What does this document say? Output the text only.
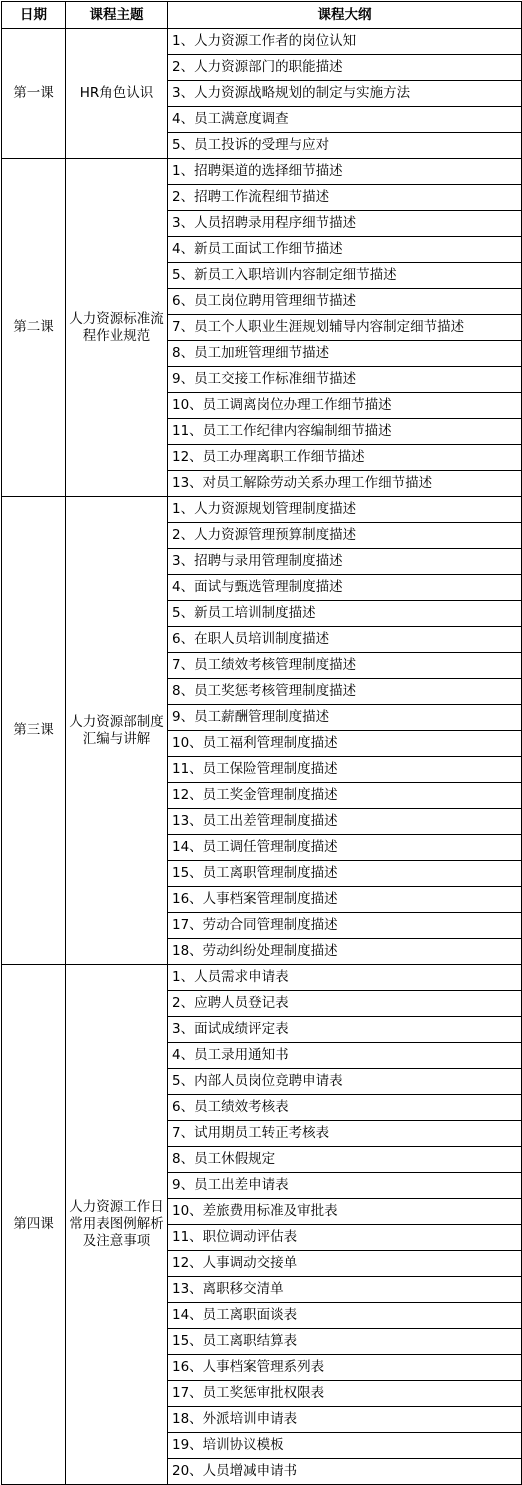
日期	课程主题	课程大纲
第一课	HR角色认识	1、人力资源工作者的岗位认知
		2、人力资源部门的职能描述
		3、人力资源战略规划的制定与实施方法
		4、员工满意度调查
		5、员工投诉的受理与应对
第二课	人力资源标准流程作业规范	1、招聘渠道的选择细节描述
		2、招聘工作流程细节描述
		3、人员招聘录用程序细节描述
		4、新员工面试工作细节描述
		5、新员工入职培训内容制定细节描述
		6、员工岗位聘用管理细节描述
		7、员工个人职业生涯规划辅导内容制定细节描述
		8、员工加班管理细节描述
		9、员工交接工作标准细节描述
		10、员工调离岗位办理工作细节描述
		11、员工工作纪律内容编制细节描述
		12、员工办理离职工作细节描述
		13、对员工解除劳动关系办理工作细节描述
第三课	人力资源部制度汇编与讲解	1、人力资源规划管理制度描述
		2、人力资源管理预算制度描述
		3、招聘与录用管理制度描述
		4、面试与甄选管理制度描述
		5、新员工培训制度描述
		6、在职人员培训制度描述
		7、员工绩效考核管理制度描述
		8、员工奖惩考核管理制度描述
		9、员工薪酬管理制度描述
		10、员工福利管理制度描述
		11、员工保险管理制度描述
		12、员工奖金管理制度描述
		13、员工出差管理制度描述
		14、员工调任管理制度描述
		15、员工离职管理制度描述
		16、人事档案管理制度描述
		17、劳动合同管理制度描述
		18、劳动纠纷处理制度描述
第四课	人力资源工作日常用表图例解析及注意事项	1、人员需求申请表
		2、应聘人员登记表
		3、面试成绩评定表
		4、员工录用通知书
		5、内部人员岗位竞聘申请表
		6、员工绩效考核表
		7、试用期员工转正考核表
		8、员工休假规定
		9、员工出差申请表
		10、差旅费用标准及审批表
		11、职位调动评估表
		12、人事调动交接单
		13、离职移交清单
		14、员工离职面谈表
		15、员工离职结算表
		16、人事档案管理系列表
		17、员工奖惩审批权限表
		18、外派培训申请表
		19、培训协议模板
		20、人员增减申请书
